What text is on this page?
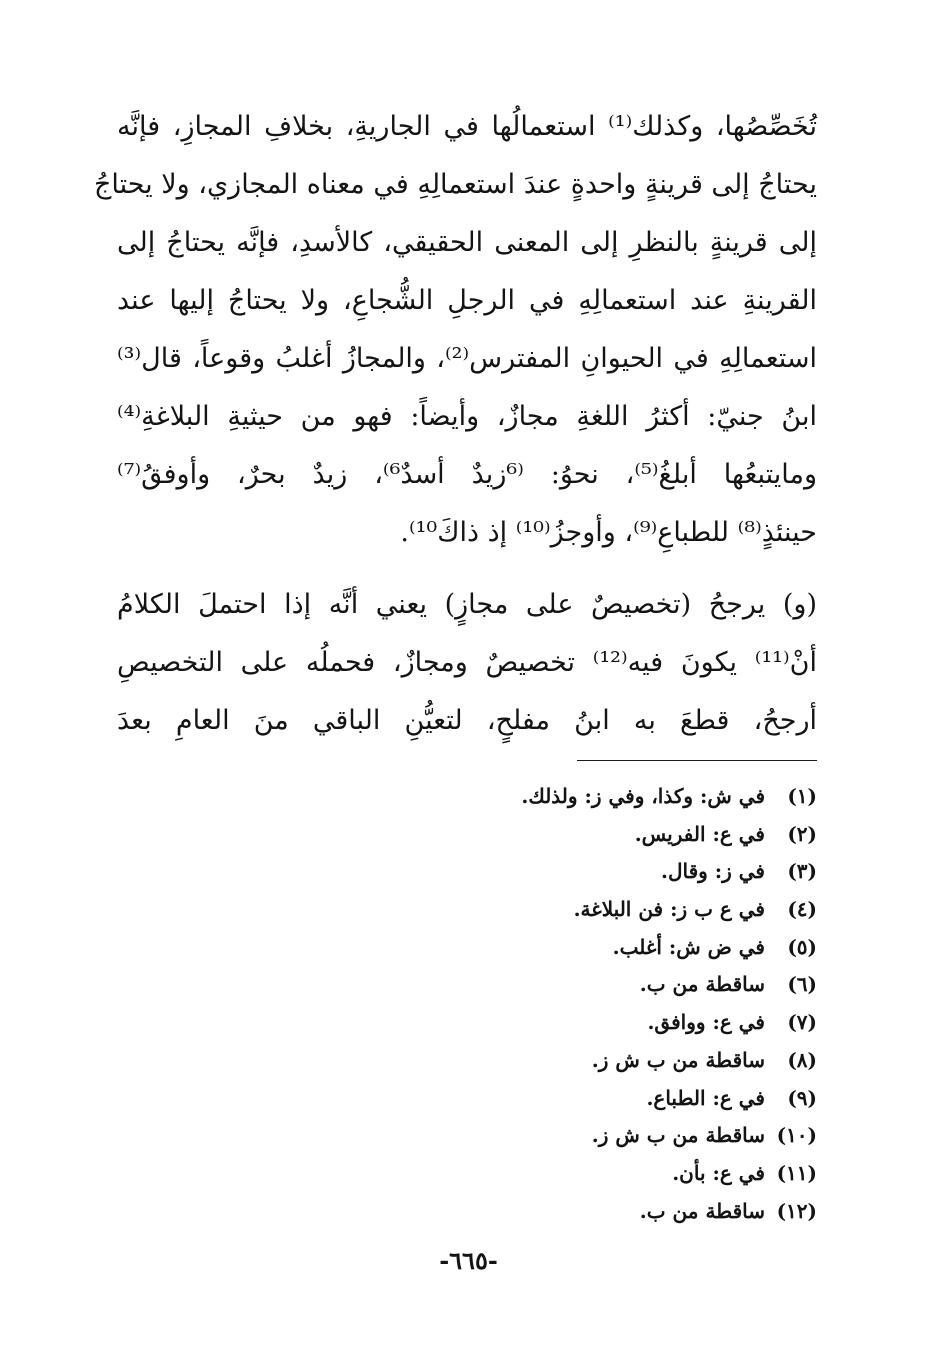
تُخَصِّصُها، وكذلك⁽¹⁾ استعمالُها في الجاريةِ، بخلافِ المجازِ، فإنَّه
يحتاجُ إلى قرينةٍ واحدةٍ عندَ استعمالِهِ في معناه المجازي، ولا يحتاجُ
إلى قرينةٍ بالنظرِ إلى المعنى الحقيقي، كالأسدِ، فإنَّه يحتاجُ إلى
القرينةِ عند استعمالِهِ في الرجلِ الشُّجاعِ، ولا يحتاجُ إليها عند
استعمالِهِ في الحيوانِ المفترس⁽²⁾، والمجازُ أغلبُ وقوعاً، قال⁽³⁾
ابنُ جنيّ: أكثرُ اللغةِ مجازٌ، وأيضاً: فهو من حيثيةِ البلاغةِ⁽⁴⁾
ومايتبعُها أبلغُ⁽⁵⁾، نحوُ: ⁽⁶زيدٌ أسدٌ⁶⁾، زيدٌ بحرٌ، وأوفقُ⁽⁷⁾
حينئذٍ⁽⁸⁾ للطباعِ⁽⁹⁾، وأوجزُ⁽¹⁰⁾ إذ ذاكَ¹⁰⁾.
(و) يرجحُ (تخصيصٌ على مجازٍ) يعني أنَّه إذا احتملَ الكلامُ
أنْ⁽¹¹⁾ يكونَ فيه⁽¹²⁾ تخصيصٌ ومجازٌ، فحملُه على التخصيصِ
أرجحُ، قطعَ به ابنُ مفلحٍ، لتعيُّنِ الباقي منَ العامِ بعدَ
(١)في ش: وكذا، وفي ز: ولذلك.
(٢)في ع: الفريس.
(٣)في ز: وقال.
(٤)في ع ب ز: فن البلاغة.
(٥)في ض ش: أغلب.
(٦)ساقطة من ب.
(٧)في ع: ووافق.
(٨)ساقطة من ب ش ز.
(٩)في ع: الطباع.
(١٠)ساقطة من ب ش ز.
(١١)في ع: بأن.
(١٢)ساقطة من ب.
-٦٦٥-
